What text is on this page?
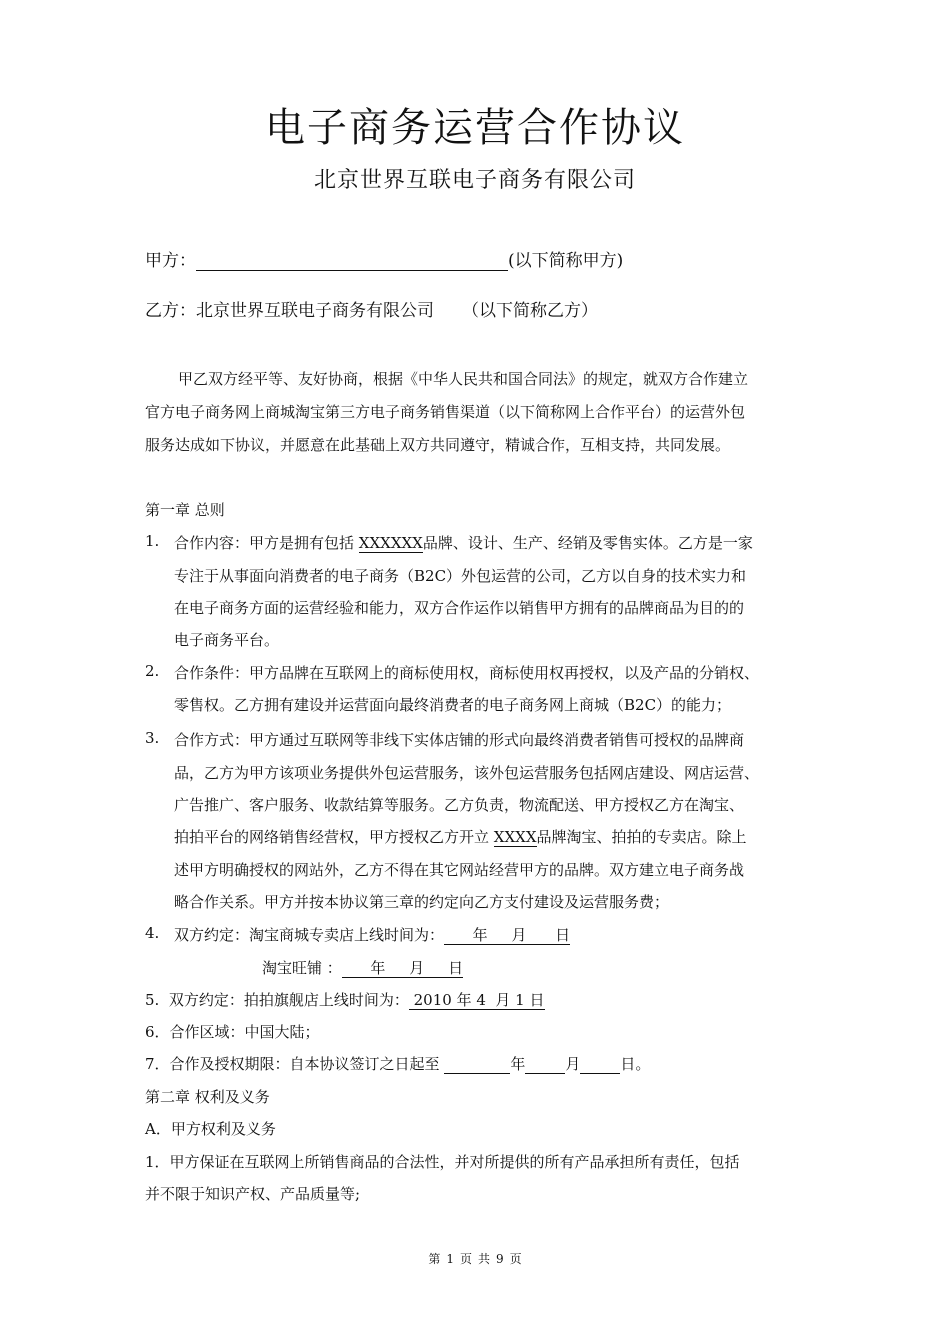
电子商务运营合作协议
北京世界互联电子商务有限公司
甲方：	(以下简称甲方)
乙方：北京世界互联电子商务有限公司 （以下简称乙方）
甲乙双方经平等、友好协商，根据《中华人民共和国合同法》的规定，就双方合作建立
官方电子商务网上商城淘宝第三方电子商务销售渠道（以下简称网上合作平台）的运营外包
服务达成如下协议，并愿意在此基础上双方共同遵守，精诚合作，互相支持，共同发展。
第一章 总则
1. 合作内容：甲方是拥有包括 XXXXXX品牌、设计、生产、经销及零售实体。乙方是一家
专注于从事面向消费者的电子商务（B2C）外包运营的公司，乙方以自身的技术实力和
在电子商务方面的运营经验和能力，双方合作运作以销售甲方拥有的品牌商品为目的的
电子商务平台。
2. 合作条件：甲方品牌在互联网上的商标使用权，商标使用权再授权，以及产品的分销权、
零售权。乙方拥有建设并运营面向最终消费者的电子商务网上商城（B2C）的能力；
3. 合作方式：甲方通过互联网等非线下实体店铺的形式向最终消费者销售可授权的品牌商
品，乙方为甲方该项业务提供外包运营服务，该外包运营服务包括网店建设、网店运营、
广告推广、客户服务、收款结算等服务。乙方负责，物流配送、甲方授权乙方在淘宝、
拍拍平台的网络销售经营权，甲方授权乙方开立 XXXX品牌淘宝、拍拍的专卖店。除上
述甲方明确授权的网站外，乙方不得在其它网站经营甲方的品牌。双方建立电子商务战
略合作关系。甲方并按本协议第三章的约定向乙方支付建设及运营服务费；
4. 双方约定：淘宝商城专卖店上线时间为：      年     月      日
淘宝旺铺 ：      年     月     日
5.  双方约定：拍拍旗舰店上线时间为： 2010 年 4  月 1 日
6．合作区域：中国大陆；
7．合作及授权期限：自本协议签订之日起至	年	月	日。
第二章 权利及义务
A．甲方权利及义务
1．甲方保证在互联网上所销售商品的合法性，并对所提供的所有产品承担所有责任，包括
并不限于知识产权、产品质量等;
第 1 页 共 9 页
